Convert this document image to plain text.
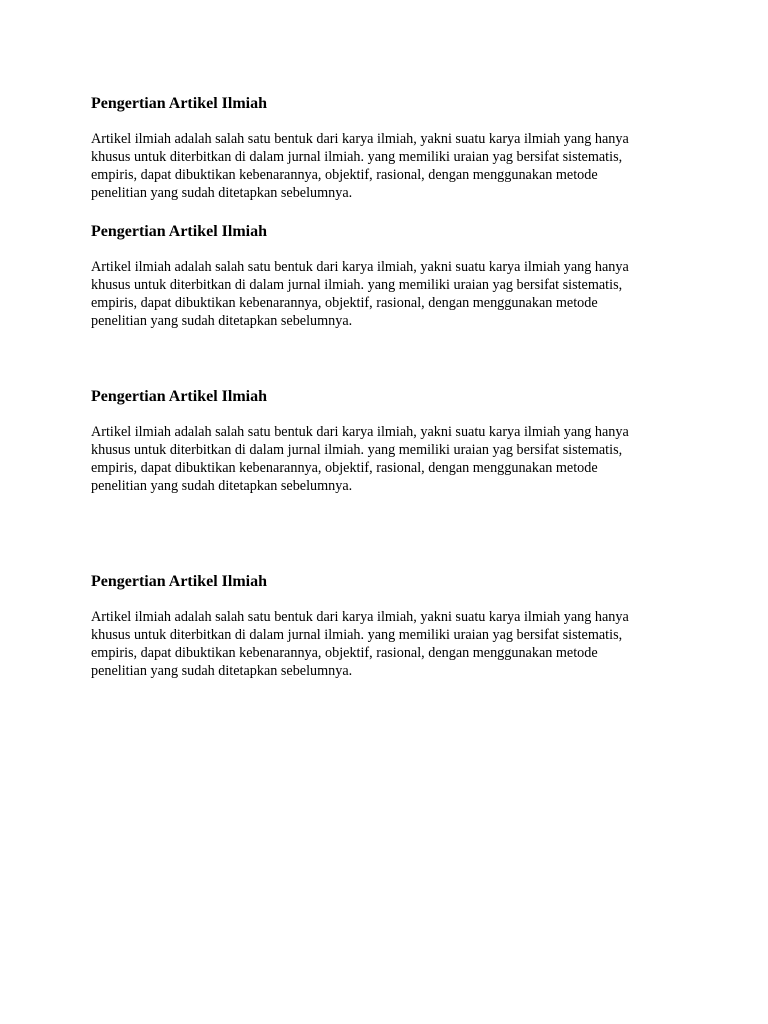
Pengertian Artikel Ilmiah

Artikel ilmiah adalah salah satu bentuk dari karya ilmiah, yakni suatu karya ilmiah yang hanya
khusus untuk diterbitkan di dalam jurnal ilmiah. yang memiliki uraian yag bersifat sistematis,
empiris, dapat dibuktikan kebenarannya, objektif, rasional, dengan menggunakan metode
penelitian yang sudah ditetapkan sebelumnya.

Pengertian Artikel Ilmiah

Artikel ilmiah adalah salah satu bentuk dari karya ilmiah, yakni suatu karya ilmiah yang hanya
khusus untuk diterbitkan di dalam jurnal ilmiah. yang memiliki uraian yag bersifat sistematis,
empiris, dapat dibuktikan kebenarannya, objektif, rasional, dengan menggunakan metode
penelitian yang sudah ditetapkan sebelumnya.

Pengertian Artikel Ilmiah

Artikel ilmiah adalah salah satu bentuk dari karya ilmiah, yakni suatu karya ilmiah yang hanya
khusus untuk diterbitkan di dalam jurnal ilmiah. yang memiliki uraian yag bersifat sistematis,
empiris, dapat dibuktikan kebenarannya, objektif, rasional, dengan menggunakan metode
penelitian yang sudah ditetapkan sebelumnya.

Pengertian Artikel Ilmiah

Artikel ilmiah adalah salah satu bentuk dari karya ilmiah, yakni suatu karya ilmiah yang hanya
khusus untuk diterbitkan di dalam jurnal ilmiah. yang memiliki uraian yag bersifat sistematis,
empiris, dapat dibuktikan kebenarannya, objektif, rasional, dengan menggunakan metode
penelitian yang sudah ditetapkan sebelumnya.
